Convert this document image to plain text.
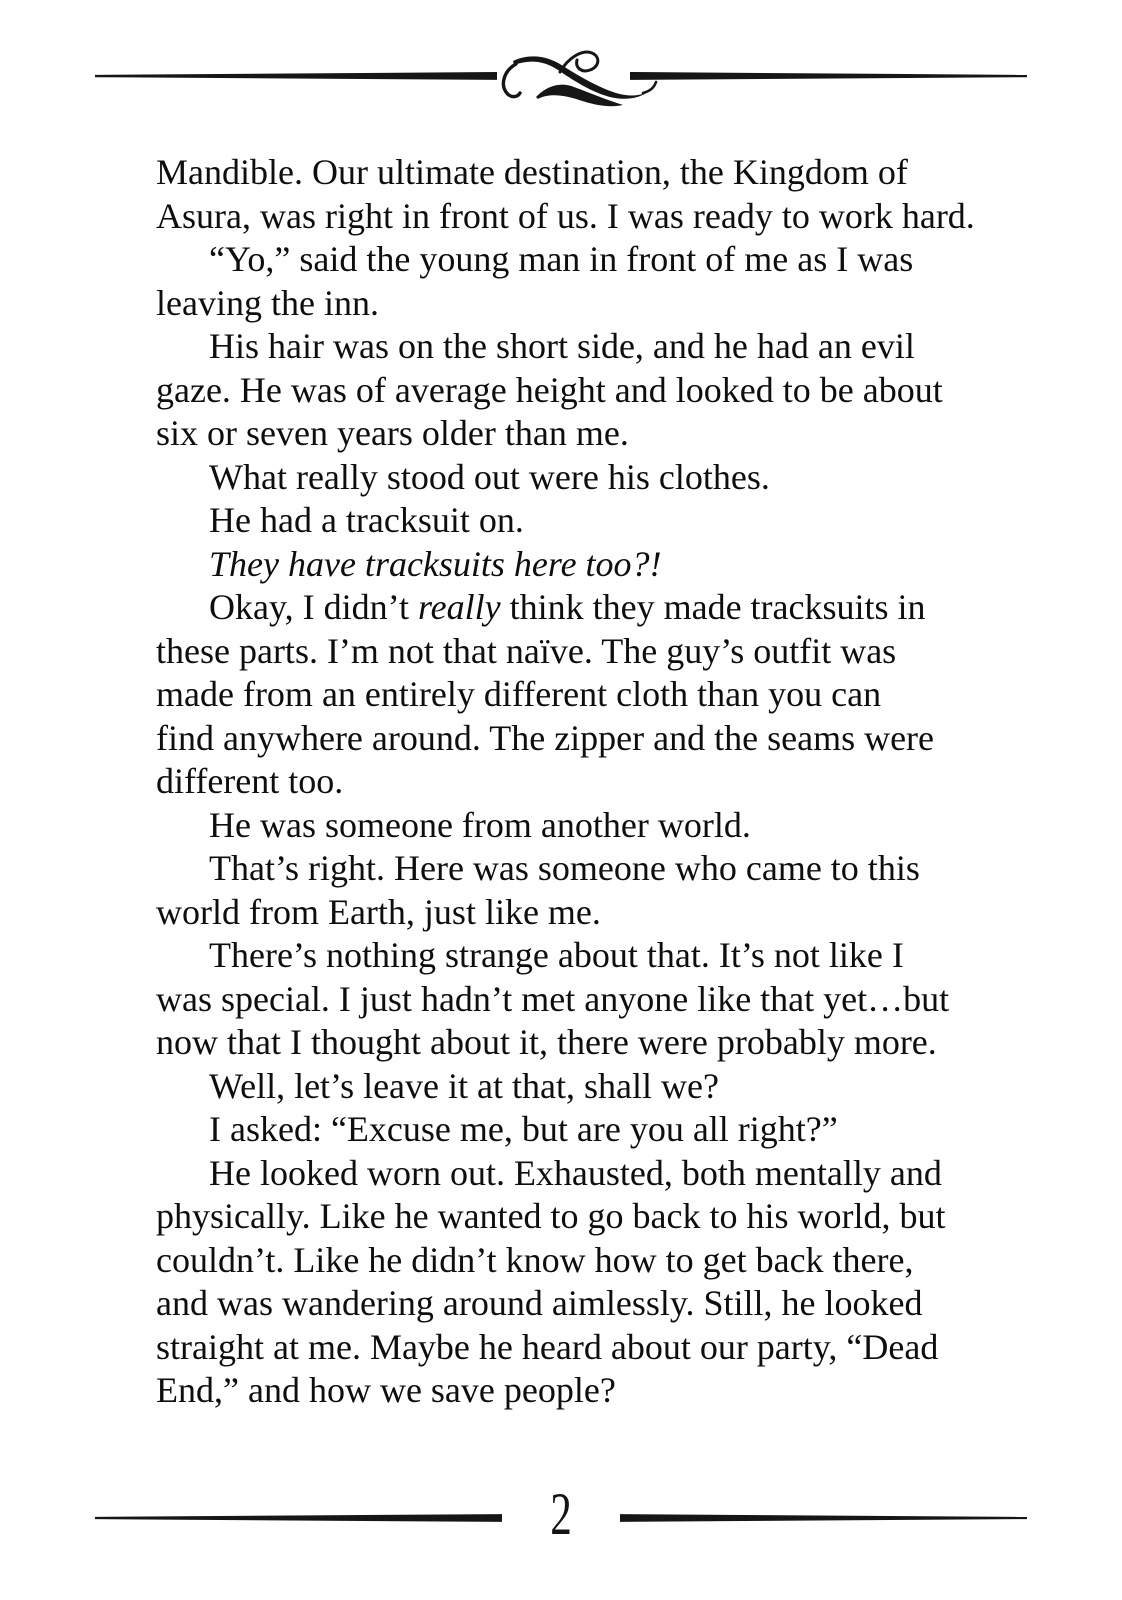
Mandible. Our ultimate destination, the Kingdom of
Asura, was right in front of us. I was ready to work hard.
“Yo,” said the young man in front of me as I was
leaving the inn.
His hair was on the short side, and he had an evil
gaze. He was of average height and looked to be about
six or seven years older than me.
What really stood out were his clothes.
He had a tracksuit on.
They have tracksuits here too?!
Okay, I didn’t really think they made tracksuits in
these parts. I’m not that naïve. The guy’s outfit was
made from an entirely different cloth than you can
find anywhere around. The zipper and the seams were
different too.
He was someone from another world.
That’s right. Here was someone who came to this
world from Earth, just like me.
There’s nothing strange about that. It’s not like I
was special. I just hadn’t met anyone like that yet…but
now that I thought about it, there were probably more.
Well, let’s leave it at that, shall we?
I asked: “Excuse me, but are you all right?”
He looked worn out. Exhausted, both mentally and
physically. Like he wanted to go back to his world, but
couldn’t. Like he didn’t know how to get back there,
and was wandering around aimlessly. Still, he looked
straight at me. Maybe he heard about our party, “Dead
End,” and how we save people?
2
